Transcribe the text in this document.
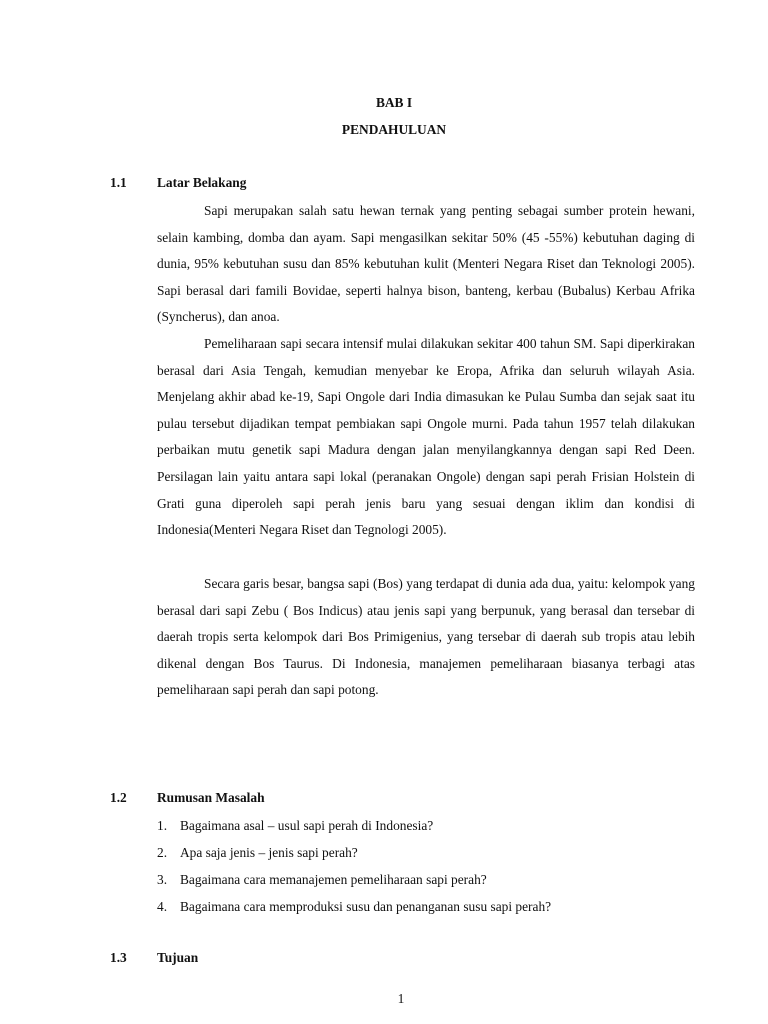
BAB I
PENDAHULUAN
1.1 Latar Belakang

Sapi merupakan salah satu hewan ternak yang penting sebagai sumber protein hewani, selain kambing, domba dan ayam. Sapi mengasilkan sekitar 50% (45 -55%) kebutuhan daging di dunia, 95% kebutuhan susu dan 85% kebutuhan kulit (Menteri Negara Riset dan Teknologi 2005). Sapi berasal dari famili Bovidae, seperti halnya bison, banteng, kerbau (Bubalus) Kerbau Afrika (Syncherus), dan anoa.

Pemeliharaan sapi secara intensif mulai dilakukan sekitar 400 tahun SM. Sapi diperkirakan berasal dari Asia Tengah, kemudian menyebar ke Eropa, Afrika dan seluruh wilayah Asia. Menjelang akhir abad ke-19, Sapi Ongole dari India dimasukan ke Pulau Sumba dan sejak saat itu pulau tersebut dijadikan tempat pembiakan sapi Ongole murni. Pada tahun 1957 telah dilakukan perbaikan mutu genetik sapi Madura dengan jalan menyilangkannya dengan sapi Red Deen. Persilagan lain yaitu antara sapi lokal (peranakan Ongole) dengan sapi perah Frisian Holstein di Grati guna diperoleh sapi perah jenis baru yang sesuai dengan iklim dan kondisi di Indonesia(Menteri Negara Riset dan Tegnologi 2005).

Secara garis besar, bangsa sapi (Bos) yang terdapat di dunia ada dua, yaitu: kelompok yang berasal dari sapi Zebu ( Bos Indicus) atau jenis sapi yang berpunuk, yang berasal dan tersebar di daerah tropis serta kelompok dari Bos Primigenius, yang tersebar di daerah sub tropis atau lebih dikenal dengan Bos Taurus. Di Indonesia, manajemen pemeliharaan biasanya terbagi atas pemeliharaan sapi perah dan sapi potong.

1.2 Rumusan Masalah
1. Bagaimana asal – usul sapi perah di Indonesia?
2. Apa saja jenis – jenis sapi perah?
3. Bagaimana cara memanajemen pemeliharaan sapi perah?
4. Bagaimana cara memproduksi susu dan penanganan susu sapi perah?
1.3 Tujuan
1
